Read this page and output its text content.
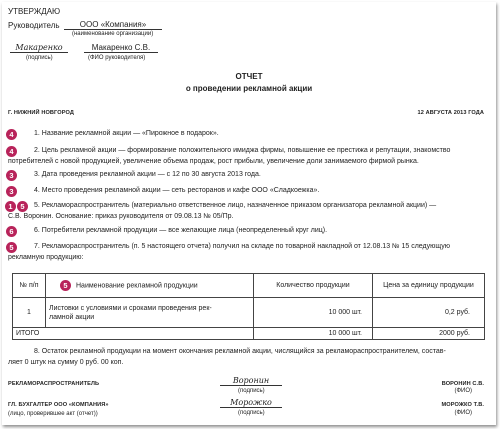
УТВЕРЖДАЮ
Руководитель	ООО «Компания»
(наименование организации)
Макаренко
(подпись)
Макаренко С.В.
(ФИО руководителя)
ОТЧЕТ
о проведении рекламной акции
Г. НИЖНИЙ НОВГОРОД	12 АВГУСТА 2013 ГОДА
4	1. Название рекламной акции — «Пирожное в подарок».
4	2. Цель рекламной акции — формирование положительного имиджа фирмы, повышение ее престижа и репутации, знакомство
потребителей с новой продукцией, увеличение объема продаж, рост прибыли, увеличение доли занимаемого фирмой рынка.
3	3. Дата проведения рекламной акции — с 12 по 30 августа 2013 года.
3	4. Место проведения рекламной акции — сеть ресторанов и кафе ООО «Сладкоежка».
1	5	5. Рекламораспространитель (материально ответственное лицо, назначенное приказом организатора рекламной акции) —
С.В. Воронин. Основание: приказ руководителя от 09.08.13 № 05/Пр.
6	6. Потребители рекламной продукции — все желающие лица (неопределенный круг лиц).
5	7. Рекламораспространитель (п. 5 настоящего отчета) получил на складе по товарной накладной от 12.08.13 № 15 следующую
рекламную продукцию:
№ п/п	5 Наименование рекламной продукции	Количество продукции	Цена за единицу продукции
1	Листовки с условиями и сроками проведения рек-
ламной акции	10 000 шт.	0,2 руб.
ИТОГО		10 000 шт.	2000 руб.
8. Остаток рекламной продукции на момент окончания рекламной акции, числящийся за рекламораспространителем, состав-
ляет 0 штук на сумму 0 руб. 00 коп.
РЕКЛАМОРАСПРОСТРАНИТЕЛЬ	Воронин
(подпись)
ВОРОНИН С.В.
(ФИО)
ГЛ. БУХГАЛТЕР ООО «КОМПАНИЯ»
(лицо, проверившее акт (отчет))
Морожко
(подпись)
МОРОЖКО Т.В.
(ФИО)
